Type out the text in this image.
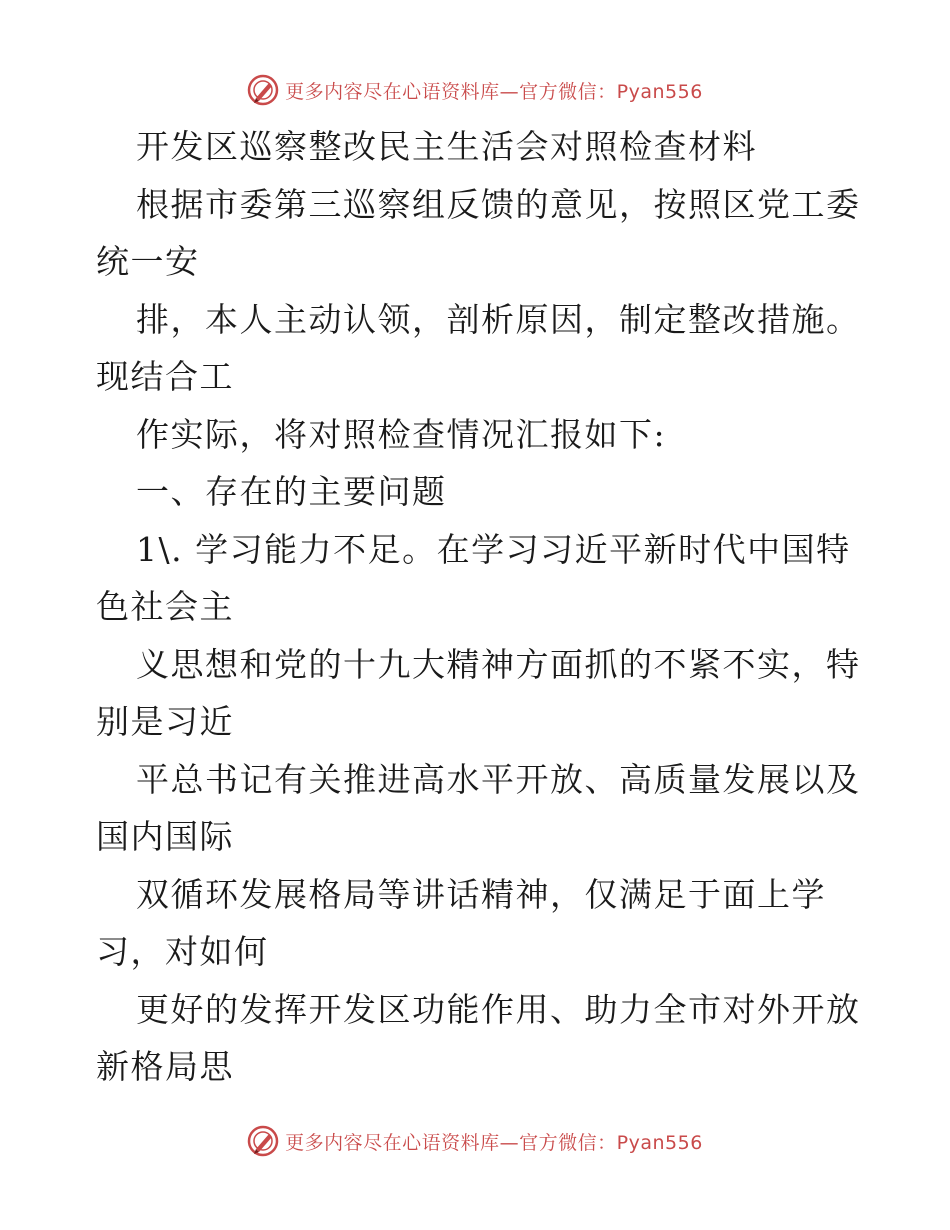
更多内容尽在心语资料库—官方微信：Pyan556
开发区巡察整改民主生活会对照检查材料
根据市委第三巡察组反馈的意见，按照区党工委
统一安
排，本人主动认领，剖析原因，制定整改措施。
现结合工
作实际，将对照检查情况汇报如下:
一、存在的主要问题
1\. 学习能力不足。在学习习近平新时代中国特
色社会主
义思想和党的十九大精神方面抓的不紧不实，特
别是习近
平总书记有关推进高水平开放、高质量发展以及
国内国际
双循环发展格局等讲话精神，仅满足于面上学
习，对如何
更好的发挥开发区功能作用、助力全市对外开放
新格局思
更多内容尽在心语资料库—官方微信：Pyan556
